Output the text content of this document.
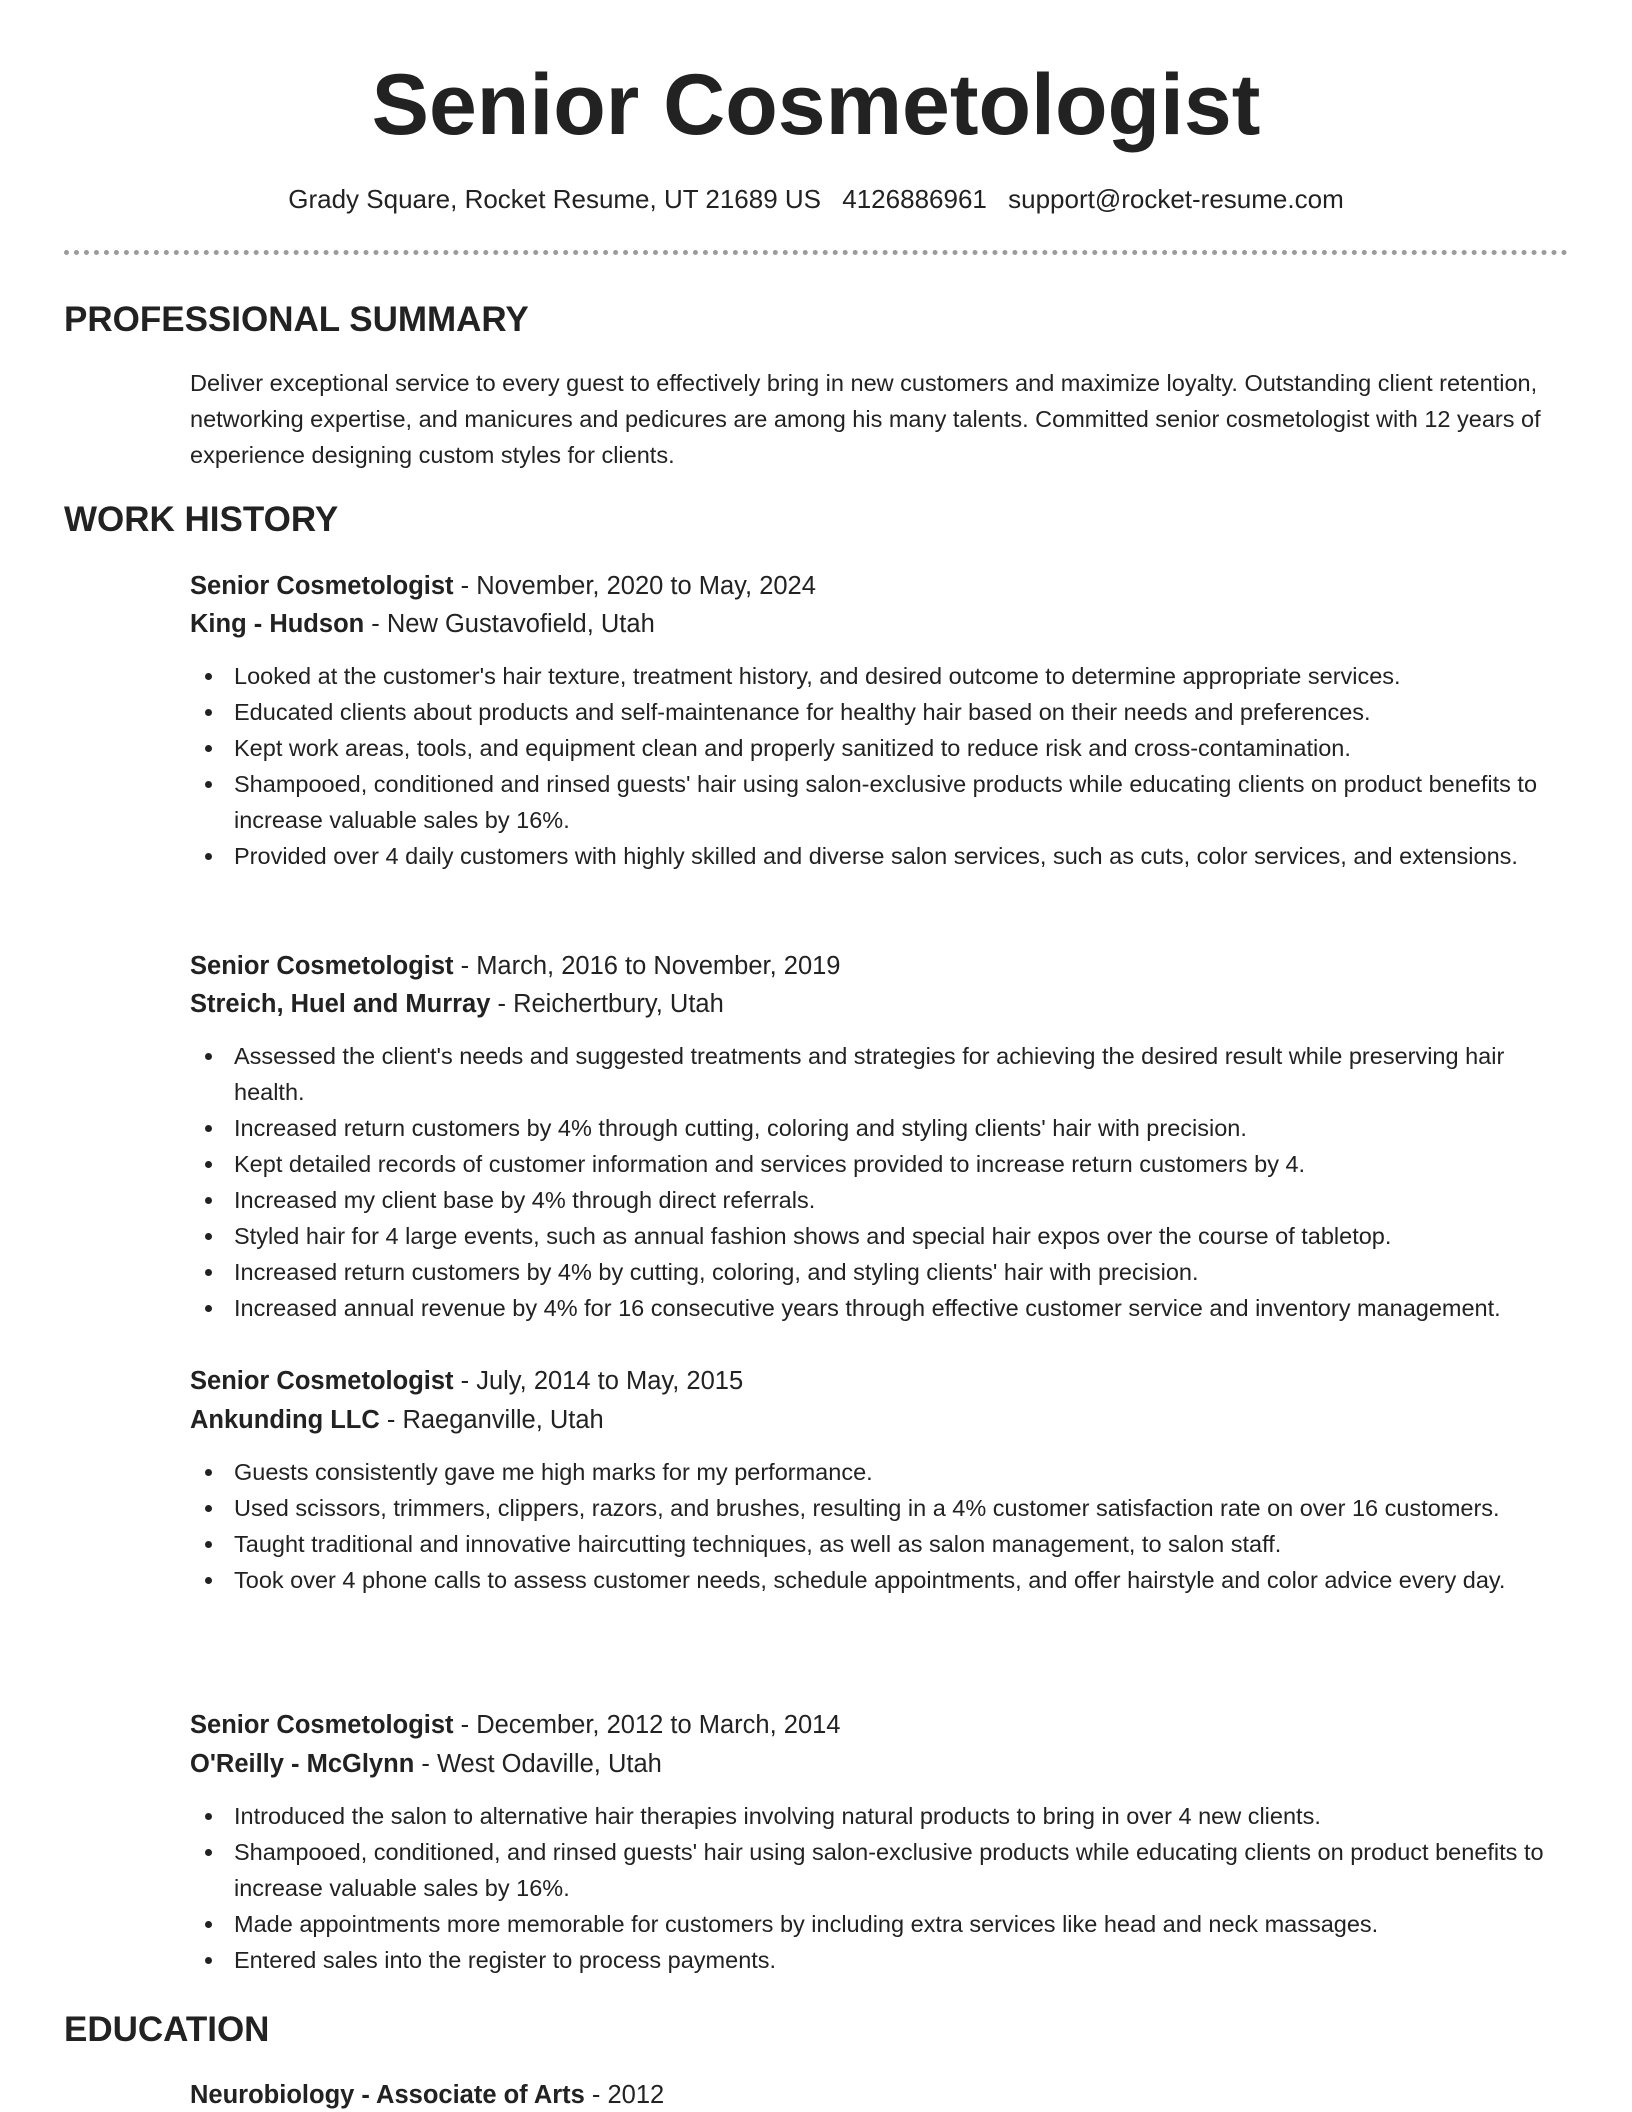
Senior Cosmetologist
Grady Square, Rocket Resume, UT 21689 US 4126886961 support@rocket-resume.com
PROFESSIONAL SUMMARY
Deliver exceptional service to every guest to effectively bring in new customers and maximize loyalty. Outstanding client retention, networking expertise, and manicures and pedicures are among his many talents. Committed senior cosmetologist with 12 years of experience designing custom styles for clients.
WORK HISTORY
Senior Cosmetologist - November, 2020 to May, 2024
King - Hudson - New Gustavofield, Utah
Looked at the customer's hair texture, treatment history, and desired outcome to determine appropriate services.
Educated clients about products and self-maintenance for healthy hair based on their needs and preferences.
Kept work areas, tools, and equipment clean and properly sanitized to reduce risk and cross-contamination.
Shampooed, conditioned and rinsed guests' hair using salon-exclusive products while educating clients on product benefits to increase valuable sales by 16%.
Provided over 4 daily customers with highly skilled and diverse salon services, such as cuts, color services, and extensions.
Senior Cosmetologist - March, 2016 to November, 2019
Streich, Huel and Murray - Reichertbury, Utah
Assessed the client's needs and suggested treatments and strategies for achieving the desired result while preserving hair health.
Increased return customers by 4% through cutting, coloring and styling clients' hair with precision.
Kept detailed records of customer information and services provided to increase return customers by 4.
Increased my client base by 4% through direct referrals.
Styled hair for 4 large events, such as annual fashion shows and special hair expos over the course of tabletop.
Increased return customers by 4% by cutting, coloring, and styling clients' hair with precision.
Increased annual revenue by 4% for 16 consecutive years through effective customer service and inventory management.
Senior Cosmetologist - July, 2014 to May, 2015
Ankunding LLC - Raeganville, Utah
Guests consistently gave me high marks for my performance.
Used scissors, trimmers, clippers, razors, and brushes, resulting in a 4% customer satisfaction rate on over 16 customers.
Taught traditional and innovative haircutting techniques, as well as salon management, to salon staff.
Took over 4 phone calls to assess customer needs, schedule appointments, and offer hairstyle and color advice every day.
Senior Cosmetologist - December, 2012 to March, 2014
O'Reilly - McGlynn - West Odaville, Utah
Introduced the salon to alternative hair therapies involving natural products to bring in over 4 new clients.
Shampooed, conditioned, and rinsed guests' hair using salon-exclusive products while educating clients on product benefits to increase valuable sales by 16%.
Made appointments more memorable for customers by including extra services like head and neck massages.
Entered sales into the register to process payments.
EDUCATION
Neurobiology - Associate of Arts - 2012
